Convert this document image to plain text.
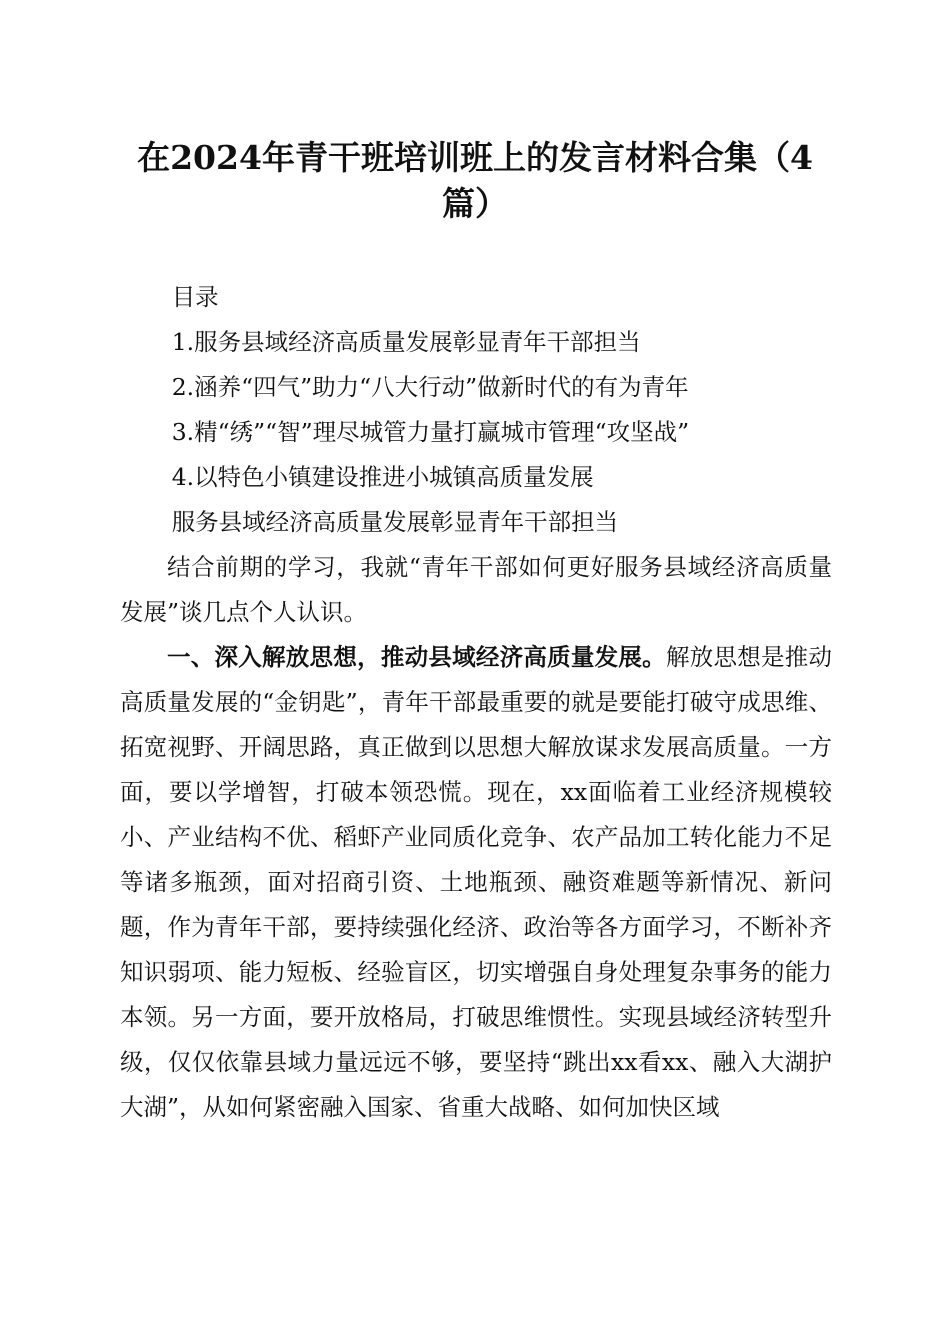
在2024年青干班培训班上的发言材料合集（4
篇）

目录

1.服务县域经济高质量发展彰显青年干部担当

2.涵养“四气”助力“八大行动”做新时代的有为青年

3.精“绣”“智”理尽城管力量打赢城市管理“攻坚战”

4.以特色小镇建设推进小城镇高质量发展

服务县域经济高质量发展彰显青年干部担当

结合前期的学习，我就“青年干部如何更好服务县域经济高质量发展”谈几点个人认识。

一、深入解放思想，推动县域经济高质量发展。解放思想是推动高质量发展的“金钥匙”，青年干部最重要的就是要能打破守成思维、拓宽视野、开阔思路，真正做到以思想大解放谋求发展高质量。一方面，要以学增智，打破本领恐慌。现在，xx面临着工业经济规模较小、产业结构不优、稻虾产业同质化竞争、农产品加工转化能力不足等诸多瓶颈，面对招商引资、土地瓶颈、融资难题等新情况、新问题，作为青年干部，要持续强化经济、政治等各方面学习，不断补齐知识弱项、能力短板、经验盲区，切实增强自身处理复杂事务的能力本领。另一方面，要开放格局，打破思维惯性。实现县域经济转型升级，仅仅依靠县域力量远远不够，要坚持“跳出xx看xx、融入大湖护大湖”，从如何紧密融入国家、省重大战略、如何加快区域
